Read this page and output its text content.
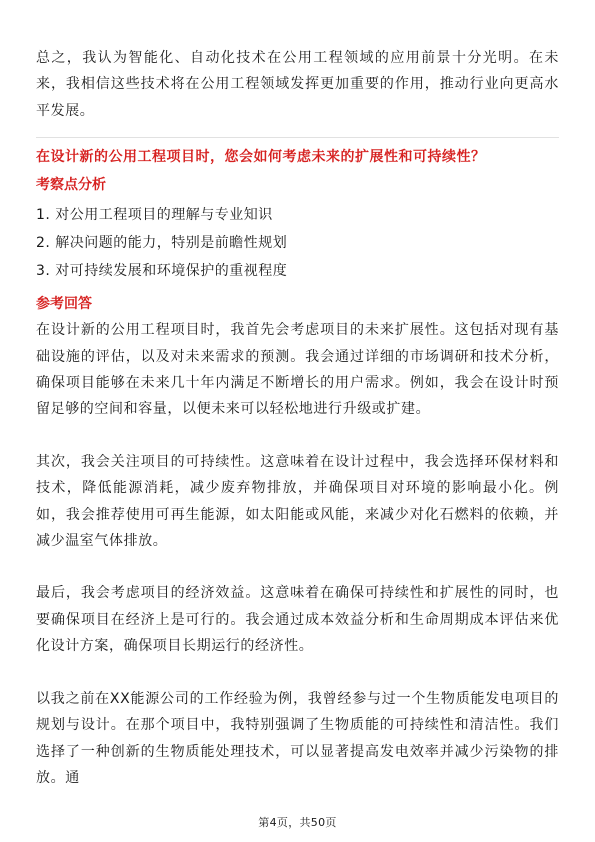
总之，我认为智能化、自动化技术在公用工程领域的应用前景十分光明。在未来，我相信这些技术将在公用工程领域发挥更加重要的作用，推动行业向更高水平发展。

在设计新的公用工程项目时，您会如何考虑未来的扩展性和可持续性？
考察点分析
1. 对公用工程项目的理解与专业知识
2. 解决问题的能力，特别是前瞻性规划
3. 对可持续发展和环境保护的重视程度
参考回答

在设计新的公用工程项目时，我首先会考虑项目的未来扩展性。这包括对现有基础设施的评估，以及对未来需求的预测。我会通过详细的市场调研和技术分析，确保项目能够在未来几十年内满足不断增长的用户需求。例如，我会在设计时预留足够的空间和容量，以便未来可以轻松地进行升级或扩建。

其次，我会关注项目的可持续性。这意味着在设计过程中，我会选择环保材料和技术，降低能源消耗，减少废弃物排放，并确保项目对环境的影响最小化。例如，我会推荐使用可再生能源，如太阳能或风能，来减少对化石燃料的依赖，并减少温室气体排放。

最后，我会考虑项目的经济效益。这意味着在确保可持续性和扩展性的同时，也要确保项目在经济上是可行的。我会通过成本效益分析和生命周期成本评估来优化设计方案，确保项目长期运行的经济性。

以我之前在XX能源公司的工作经验为例，我曾经参与过一个生物质能发电项目的规划与设计。在那个项目中，我特别强调了生物质能的可持续性和清洁性。我们选择了一种创新的生物质能处理技术，可以显著提高发电效率并减少污染物的排放。通

第4页，共50页
